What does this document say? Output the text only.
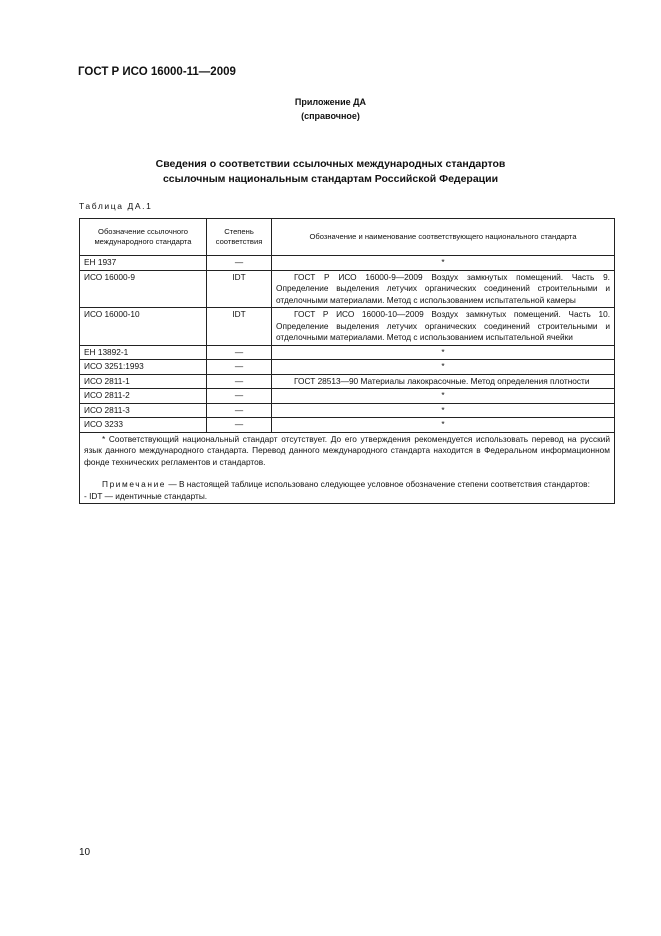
ГОСТ Р ИСО 16000-11—2009
Приложение ДА
(справочное)
Сведения о соответствии ссылочных международных стандартов
ссылочным национальным стандартам Российской Федерации
Таблица ДА.1
Обозначение ссылочного международного стандарта	Степень соответствия	Обозначение и наименование соответствующего национального стандарта
ЕН 1937	—	*
ИСО 16000-9	IDT	ГОСТ Р ИСО 16000-9—2009 Воздух замкнутых помещений. Часть 9. Определение выделения летучих органических соединений строительными и отделочными материалами. Метод с использованием испытательной камеры
ИСО 16000-10	IDT	ГОСТ Р ИСО 16000-10—2009 Воздух замкнутых помещений. Часть 10. Определение выделения летучих органических соединений строительными и отделочными материалами. Метод с использованием испытательной ячейки
ЕН 13892-1	—	*
ИСО 3251:1993	—	*
ИСО 2811-1	—	ГОСТ 28513—90 Материалы лакокрасочные. Метод определения плотности
ИСО 2811-2	—	*
ИСО 2811-3	—	*
ИСО 3233	—	*

* Соответствующий национальный стандарт отсутствует. До его утверждения рекомендуется использовать перевод на русский язык данного международного стандарта. Перевод данного международного стандарта находится в Федеральном информационном фонде технических регламентов и стандартов.
Примечание — В настоящей таблице использовано следующее условное обозначение степени соответствия стандартов:
- IDT — идентичные стандарты.		
10
